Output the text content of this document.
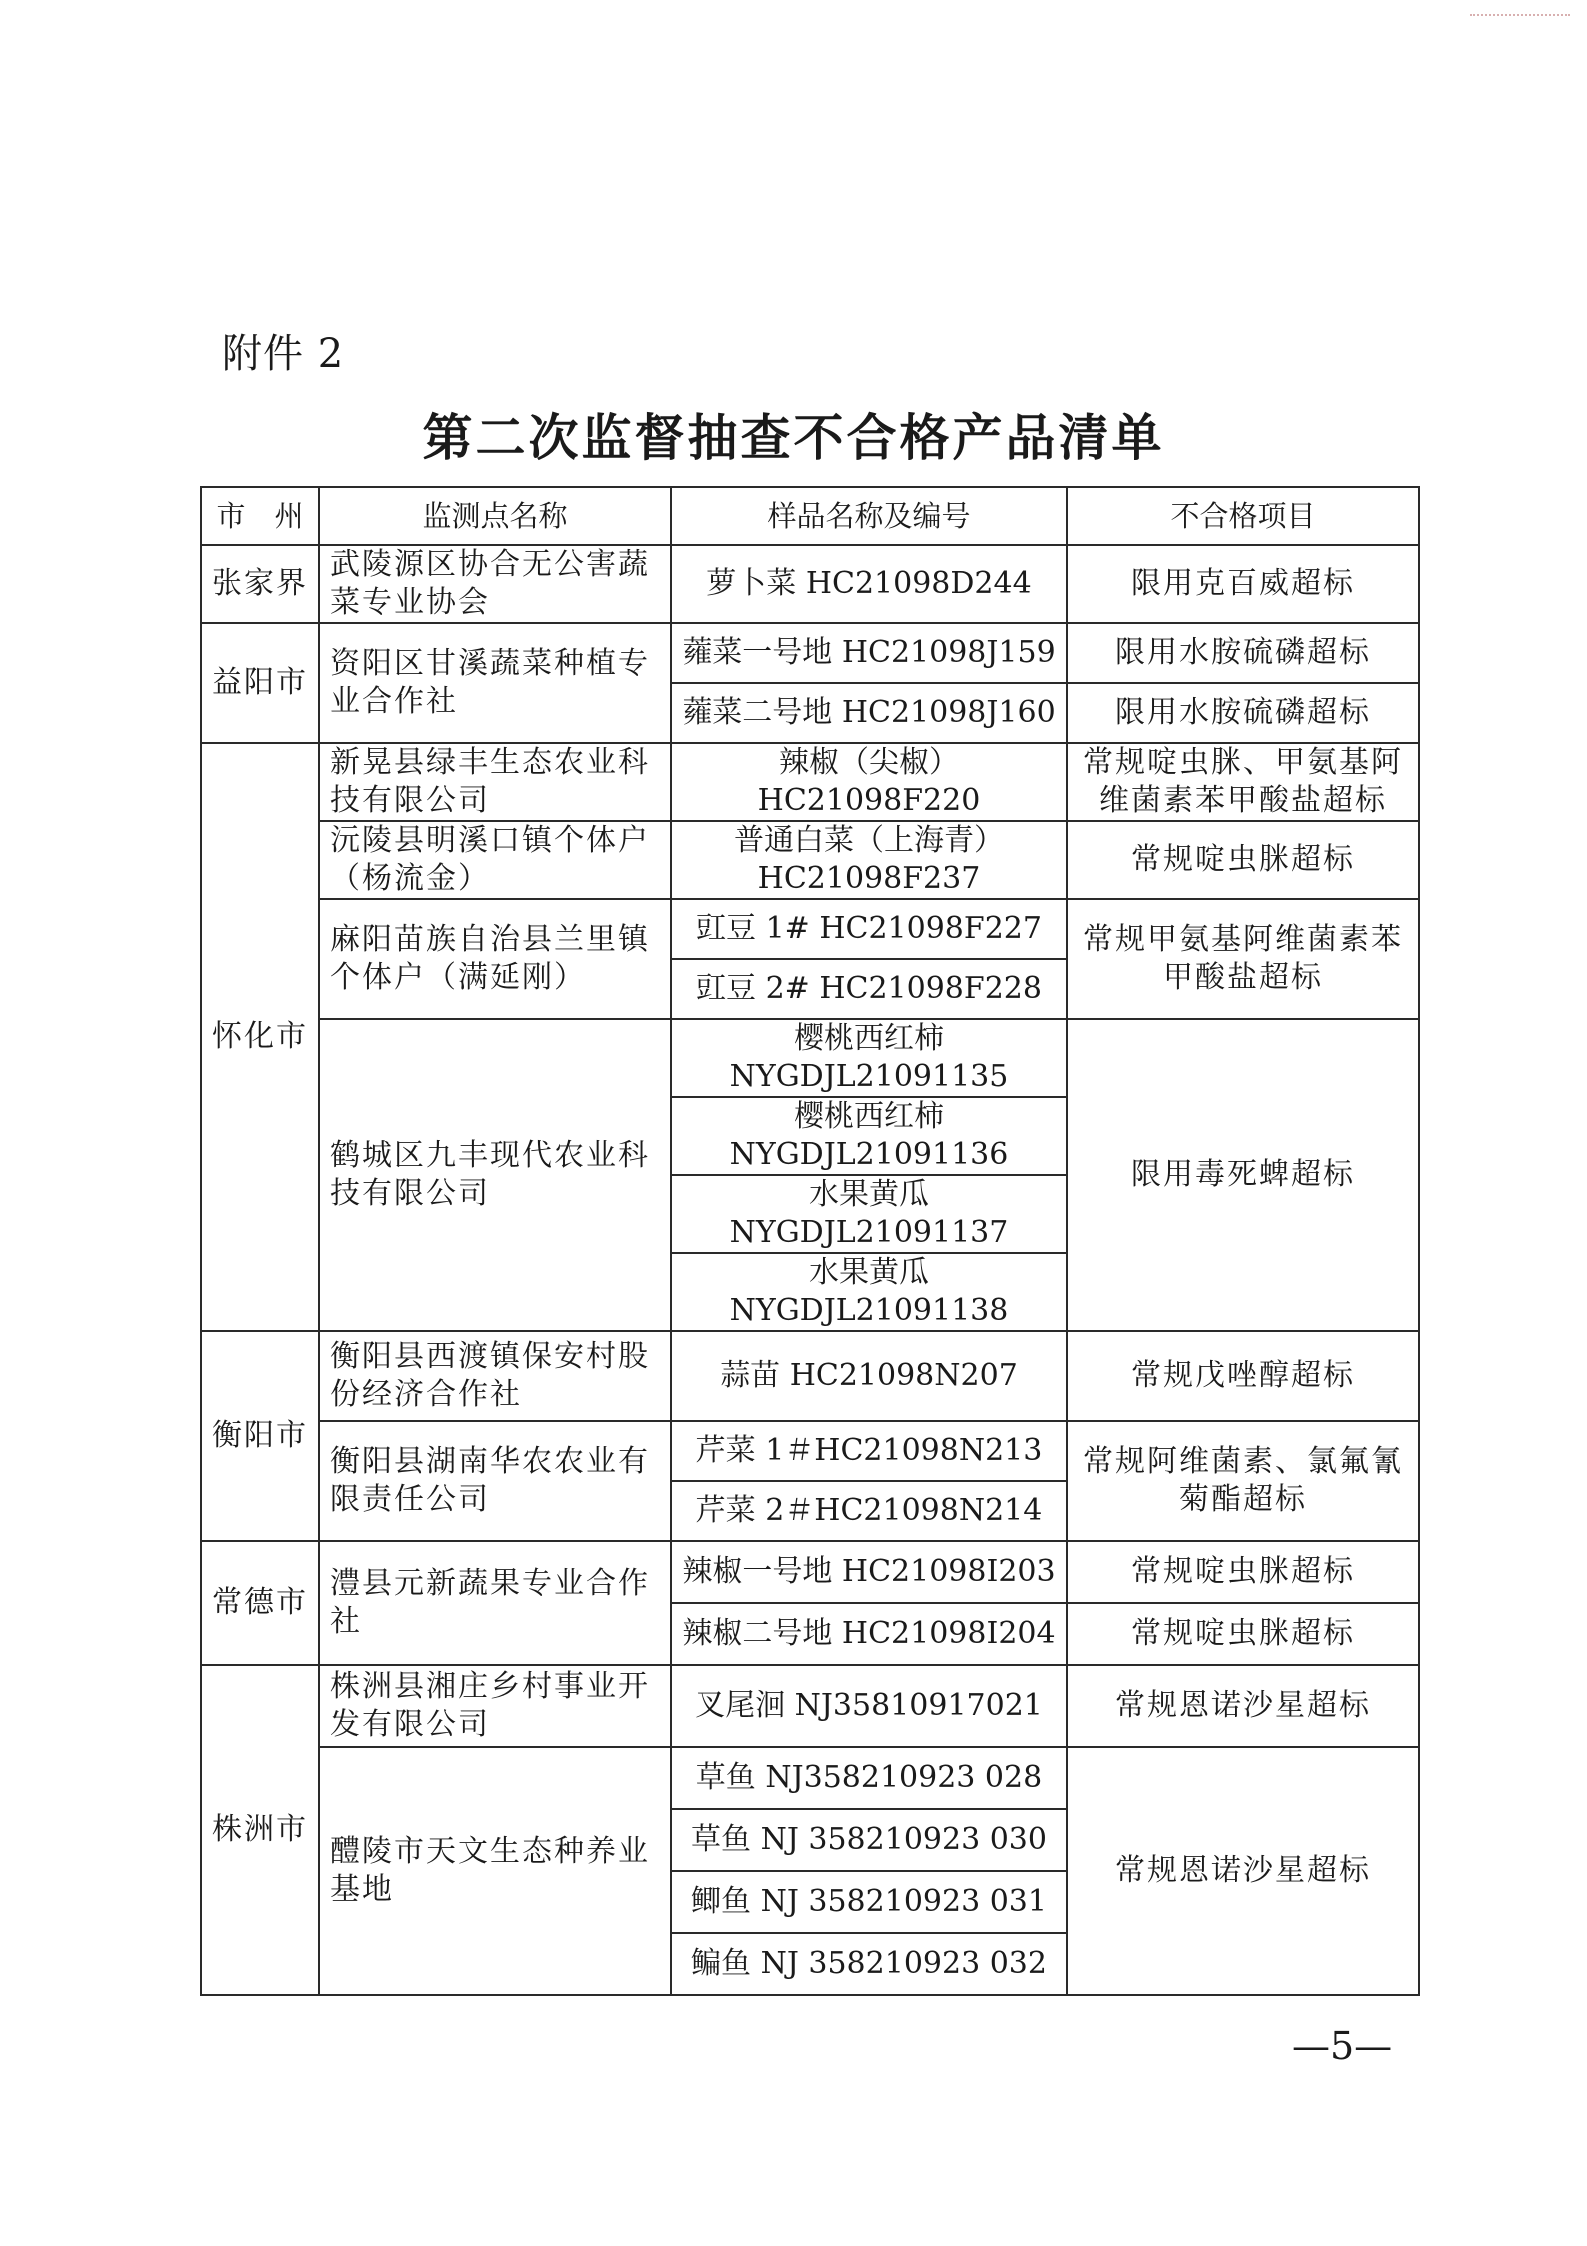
附件 2
第二次监督抽查不合格产品清单
市　州	监测点名称	样品名称及编号	不合格项目
张家界	武陵源区协合无公害蔬菜专业协会	萝卜菜 HC21098D244	限用克百威超标
益阳市	资阳区甘溪蔬菜种植专业合作社	蕹菜一号地 HC21098J159	限用水胺硫磷超标
		蕹菜二号地 HC21098J160	限用水胺硫磷超标
怀化市	新晃县绿丰生态农业科技有限公司	辣椒（尖椒）HC21098F220	常规啶虫脒、甲氨基阿维菌素苯甲酸盐超标
	沅陵县明溪口镇个体户（杨流金）	普通白菜（上海青）HC21098F237	常规啶虫脒超标
	麻阳苗族自治县兰里镇个体户（满延刚）	豇豆 1# HC21098F227	常规甲氨基阿维菌素苯甲酸盐超标
		豇豆 2# HC21098F228	
	鹤城区九丰现代农业科技有限公司	樱桃西红柿 NYGDJL21091135	限用毒死蜱超标
		樱桃西红柿 NYGDJL21091136	
		水果黄瓜 NYGDJL21091137	
		水果黄瓜 NYGDJL21091138	
衡阳市	衡阳县西渡镇保安村股份经济合作社	蒜苗 HC21098N207	常规戊唑醇超标
	衡阳县湖南华农农业有限责任公司	芹菜 1＃HC21098N213	常规阿维菌素、氯氟氰菊酯超标
		芹菜 2＃HC21098N214	
常德市	澧县元新蔬果专业合作社	辣椒一号地 HC21098I203	常规啶虫脒超标
		辣椒二号地 HC21098I204	常规啶虫脒超标
株洲市	株洲县湘庄乡村事业开发有限公司	叉尾洄 NJ35810917021	常规恩诺沙星超标
	醴陵市天文生态种养业基地	草鱼 NJ358210923 028	常规恩诺沙星超标
		草鱼 NJ 358210923 030	
		鲫鱼 NJ 358210923 031	
		鳊鱼 NJ 358210923 032	
—5—
